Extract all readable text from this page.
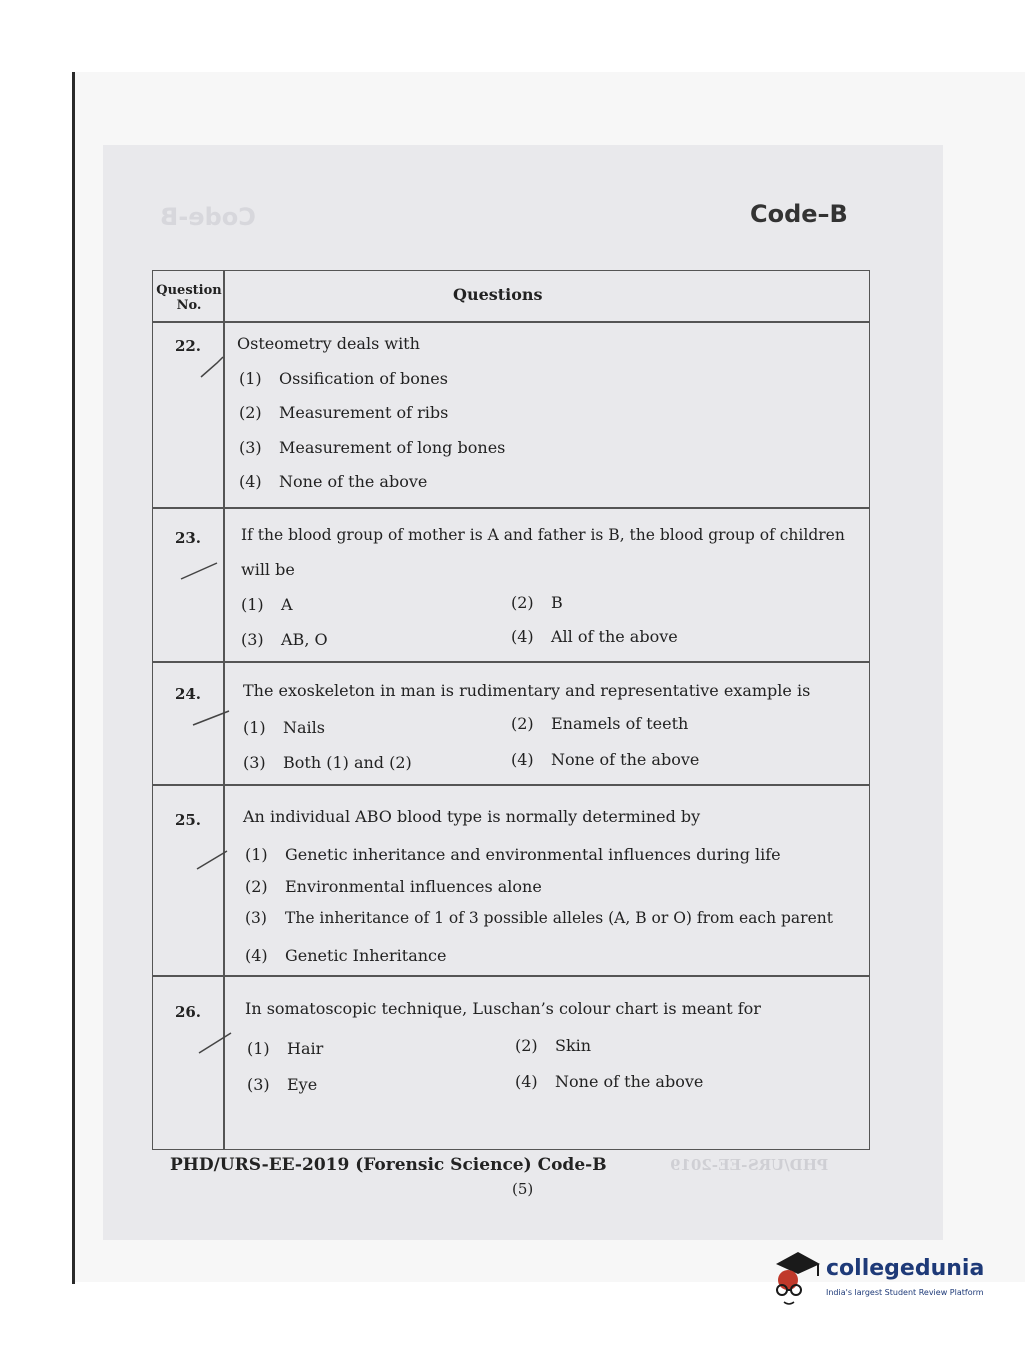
Code-B	Code–B
Question No.
Questions
22.	Osteometry deals with
(1) Ossification of bones
(2) Measurement of ribs
(3) Measurement of long bones
(4) None of the above
23.	If the blood group of mother is A and father is B, the blood group of children
will be
(1) A	(2) B
(3) AB, O	(4) All of the above
24.	The exoskeleton in man is rudimentary and representative example is
(1) Nails	(2) Enamels of teeth
(3) Both (1) and (2)	(4) None of the above
25.	An individual ABO blood type is normally determined by
(1) Genetic inheritance and environmental influences during life
(2) Environmental influences alone
(3) The inheritance of 1 of 3 possible alleles (A, B or O) from each parent
(4) Genetic Inheritance
26.	In somatoscopic technique, Luschan’s colour chart is meant for
(1) Hair	(2) Skin
(3) Eye	(4) None of the above
PHD/URS-EE-2019
PHD/URS-EE-2019 (Forensic Science) Code-B
(5)
collegedunia
India's largest Student Review Platform
